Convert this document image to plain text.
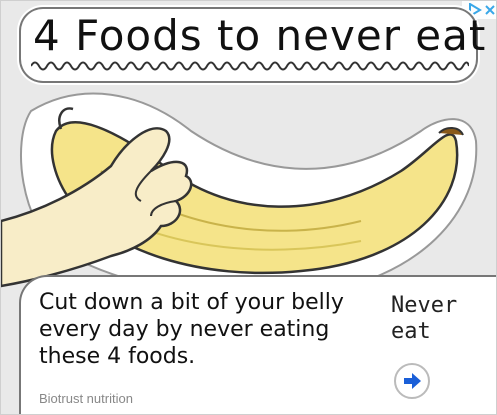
4 Foods to never eat
Cut down a bit of your belly every day by never eating these 4 foods.
Biotrust nutrition
Never eat
